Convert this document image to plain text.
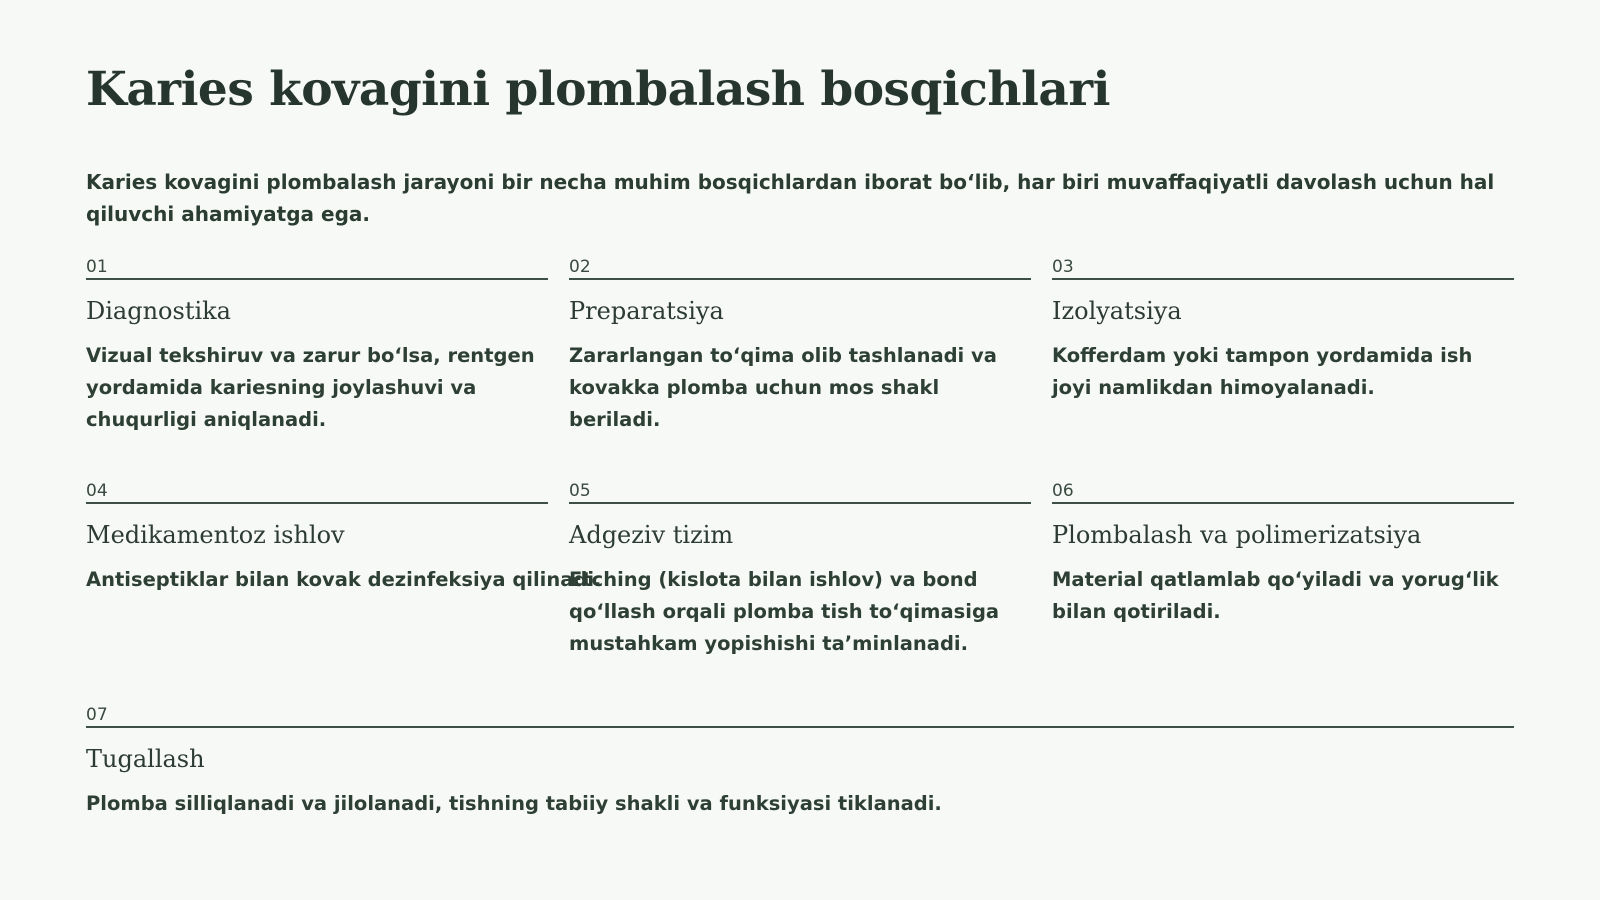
Karies kovagini plombalash bosqichlari

Karies kovagini plombalash jarayoni bir necha muhim bosqichlardan iborat bo‘lib, har biri muvaffaqiyatli davolash uchun hal qiluvchi ahamiyatga ega.

01
Diagnostika

Vizual tekshiruv va zarur bo‘lsa, rentgen yordamida kariesning joylashuvi va chuqurligi aniqlanadi.

02
Preparatsiya

Zararlangan to‘qima olib tashlanadi va kovakka plomba uchun mos shakl beriladi.

03
Izolyatsiya

Kofferdam yoki tampon yordamida ish joyi namlikdan himoyalanadi.

04
Medikamentoz ishlov

Antiseptiklar bilan kovak dezinfeksiya qilinadi.

05
Adgeziv tizim

Etching (kislota bilan ishlov) va bond qo‘llash orqali plomba tish to‘qimasiga mustahkam yopishishi ta’minlanadi.

06
Plombalash va polimerizatsiya

Material qatlamlab qo‘yiladi va yorug‘lik bilan qotiriladi.

07
Tugallash

Plomba silliqlanadi va jilolanadi, tishning tabiiy shakli va funksiyasi tiklanadi.
